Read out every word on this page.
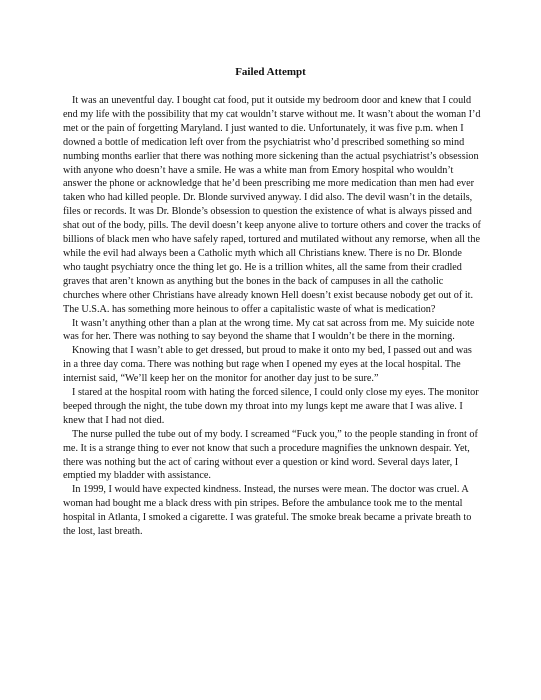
Failed Attempt

It was an uneventful day. I bought cat food, put it outside my bedroom door and knew that I could end my life with the possibility that my cat wouldn’t starve without me. It wasn’t about the woman I’d met or the pain of forgetting Maryland. I just wanted to die. Unfortunately, it was five p.m. when I downed a bottle of medication left over from the psychiatrist who’d prescribed something so mind numbing months earlier that there was nothing more sickening than the actual psychiatrist’s obsession with anyone who doesn’t have a smile. He was a white man from Emory hospital who wouldn’t answer the phone or acknowledge that he’d been prescribing me more medication than men had ever taken who had killed people. Dr. Blonde survived anyway. I did also. The devil wasn’t in the details, files or records. It was Dr. Blonde’s obsession to question the existence of what is always pissed and shat out of the body, pills. The devil doesn’t keep anyone alive to torture others and cover the tracks of billions of black men who have safely raped, tortured and mutilated without any remorse, when all the while the evil had always been a Catholic myth which all Christians knew. There is no Dr. Blonde who taught psychiatry once the thing let go. He is a trillion whites, all the same from their cradled graves that aren’t known as anything but the bones in the back of campuses in all the catholic churches where other Christians have already known Hell doesn’t exist because nobody get out of it. The U.S.A. has something more heinous to offer a capitalistic waste of what is medication?

It wasn’t anything other than a plan at the wrong time. My cat sat across from me. My suicide note was for her. There was nothing to say beyond the shame that I wouldn’t be there in the morning.

Knowing that I wasn’t able to get dressed, but proud to make it onto my bed, I passed out and was in a three day coma. There was nothing but rage when I opened my eyes at the local hospital. The internist said, “We’ll keep her on the monitor for another day just to be sure.”

I stared at the hospital room with hating the forced silence, I could only close my eyes. The monitor beeped through the night, the tube down my throat into my lungs kept me aware that I was alive. I knew that I had not died.

The nurse pulled the tube out of my body. I screamed “Fuck you,” to the people standing in front of me. It is a strange thing to ever not know that such a procedure magnifies the unknown despair. Yet, there was nothing but the act of caring without ever a question or kind word. Several days later, I emptied my bladder with assistance.

In 1999, I would have expected kindness. Instead, the nurses were mean. The doctor was cruel. A woman had bought me a black dress with pin stripes. Before the ambulance took me to the mental hospital in Atlanta, I smoked a cigarette. I was grateful. The smoke break became a private breath to the lost, last breath.
